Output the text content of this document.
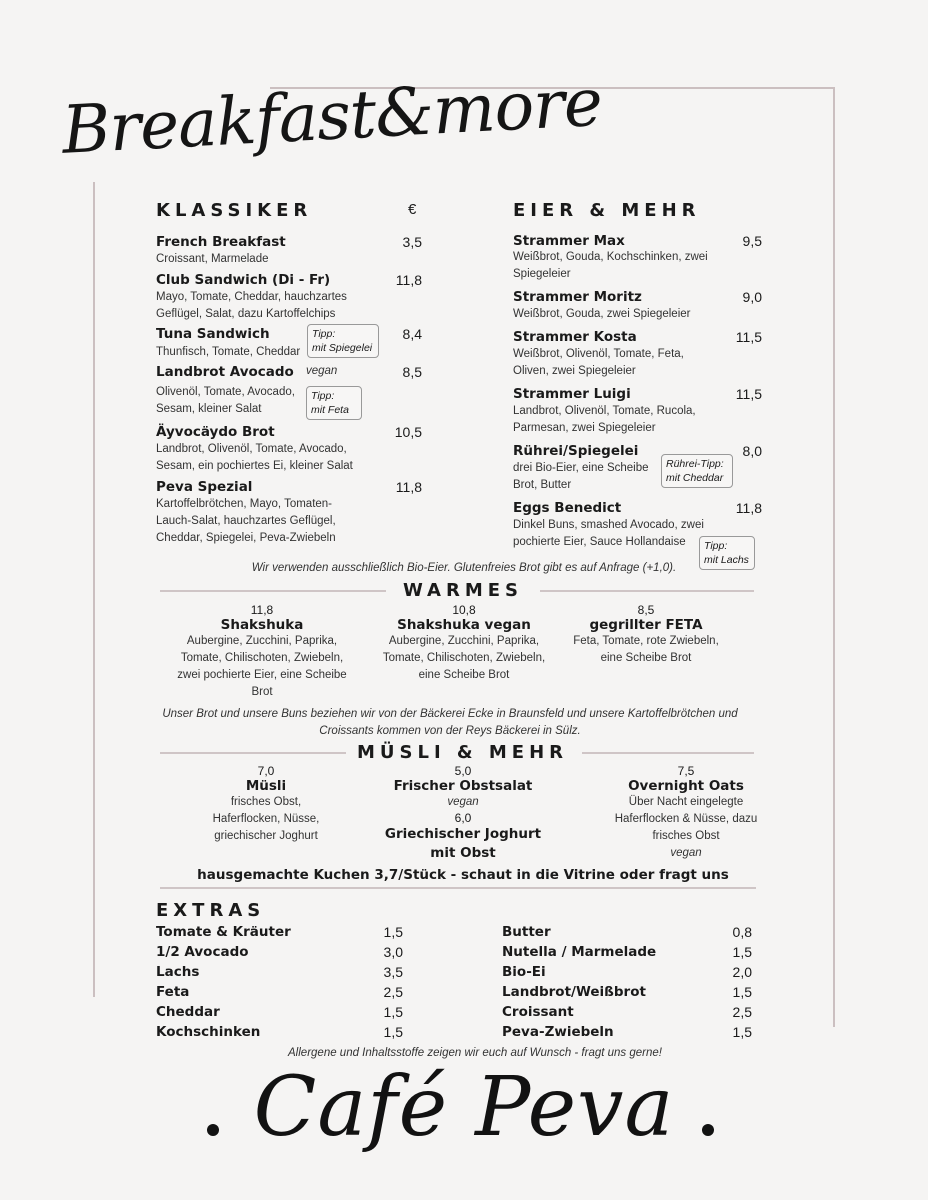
Breakfast&more
KLASSIKER	€
French Breakfast	3,5
Croissant, Marmelade
Club Sandwich (Di - Fr)	11,8
Mayo, Tomate, Cheddar, hauchzartes Geflügel, Salat, dazu Kartoffelchips
Tuna Sandwich	8,4
Thunfisch, Tomate, Cheddar
Tipp:
mit Spiegelei
Landbrot Avocado vegan	8,5
Olivenöl, Tomate, Avocado, Sesam, kleiner Salat
Tipp:
mit Feta
Äyvocäydo Brot	10,5
Landbrot, Olivenöl, Tomate, Avocado, Sesam, ein pochiertes Ei, kleiner Salat
Peva Spezial	11,8
Kartoffelbrötchen, Mayo, Tomaten-Lauch-Salat, hauchzartes Geflügel, Cheddar, Spiegelei, Peva-Zwiebeln
EIER & MEHR
Strammer Max	9,5
Weißbrot, Gouda, Kochschinken, zwei Spiegeleier
Strammer Moritz	9,0
Weißbrot, Gouda, zwei Spiegeleier
Strammer Kosta	11,5
Weißbrot, Olivenöl, Tomate, Feta, Oliven, zwei Spiegeleier
Strammer Luigi	11,5
Landbrot, Olivenöl, Tomate, Rucola, Parmesan, zwei Spiegeleier
Rührei/Spiegelei	8,0
drei Bio-Eier, eine Scheibe Brot, Butter
Rührei-Tipp:
mit Cheddar
Eggs Benedict	11,8
Dinkel Buns, smashed Avocado, zwei pochierte Eier, Sauce Hollandaise	Tipp:
mit Lachs
Wir verwenden ausschließlich Bio-Eier. Glutenfreies Brot gibt es auf Anfrage (+1,0).
WARMES
11,8
Shakshuka
Aubergine, Zucchini, Paprika, Tomate, Chilischoten, Zwiebeln, zwei pochierte Eier, eine Scheibe Brot
10,8
Shakshuka vegan
Aubergine, Zucchini, Paprika, Tomate, Chilischoten, Zwiebeln, eine Scheibe Brot
8,5
gegrillter FETA
Feta, Tomate, rote Zwiebeln, eine Scheibe Brot
Unser Brot und unsere Buns beziehen wir von der Bäckerei Ecke in Braunsfeld und unsere Kartoffelbrötchen und Croissants kommen von der Reys Bäckerei in Sülz.
MÜSLI & MEHR
7,0
Müsli
frisches Obst, Haferflocken, Nüsse, griechischer Joghurt
5,0
Frischer Obstsalat
vegan
6,0
Griechischer Joghurt mit Obst
7,5
Overnight Oats
Über Nacht eingelegte Haferflocken & Nüsse, dazu frisches Obst
vegan
hausgemachte Kuchen 3,7/Stück - schaut in die Vitrine oder fragt uns
EXTRAS
Tomate & Kräuter	1,5
1/2 Avocado	3,0
Lachs	3,5
Feta	2,5
Cheddar	1,5
Kochschinken	1,5
Butter	0,8
Nutella / Marmelade	1,5
Bio-Ei	2,0
Landbrot/Weißbrot	1,5
Croissant	2,5
Peva-Zwiebeln	1,5
Allergene und Inhaltsstoffe zeigen wir euch auf Wunsch - fragt uns gerne!
Café Peva
